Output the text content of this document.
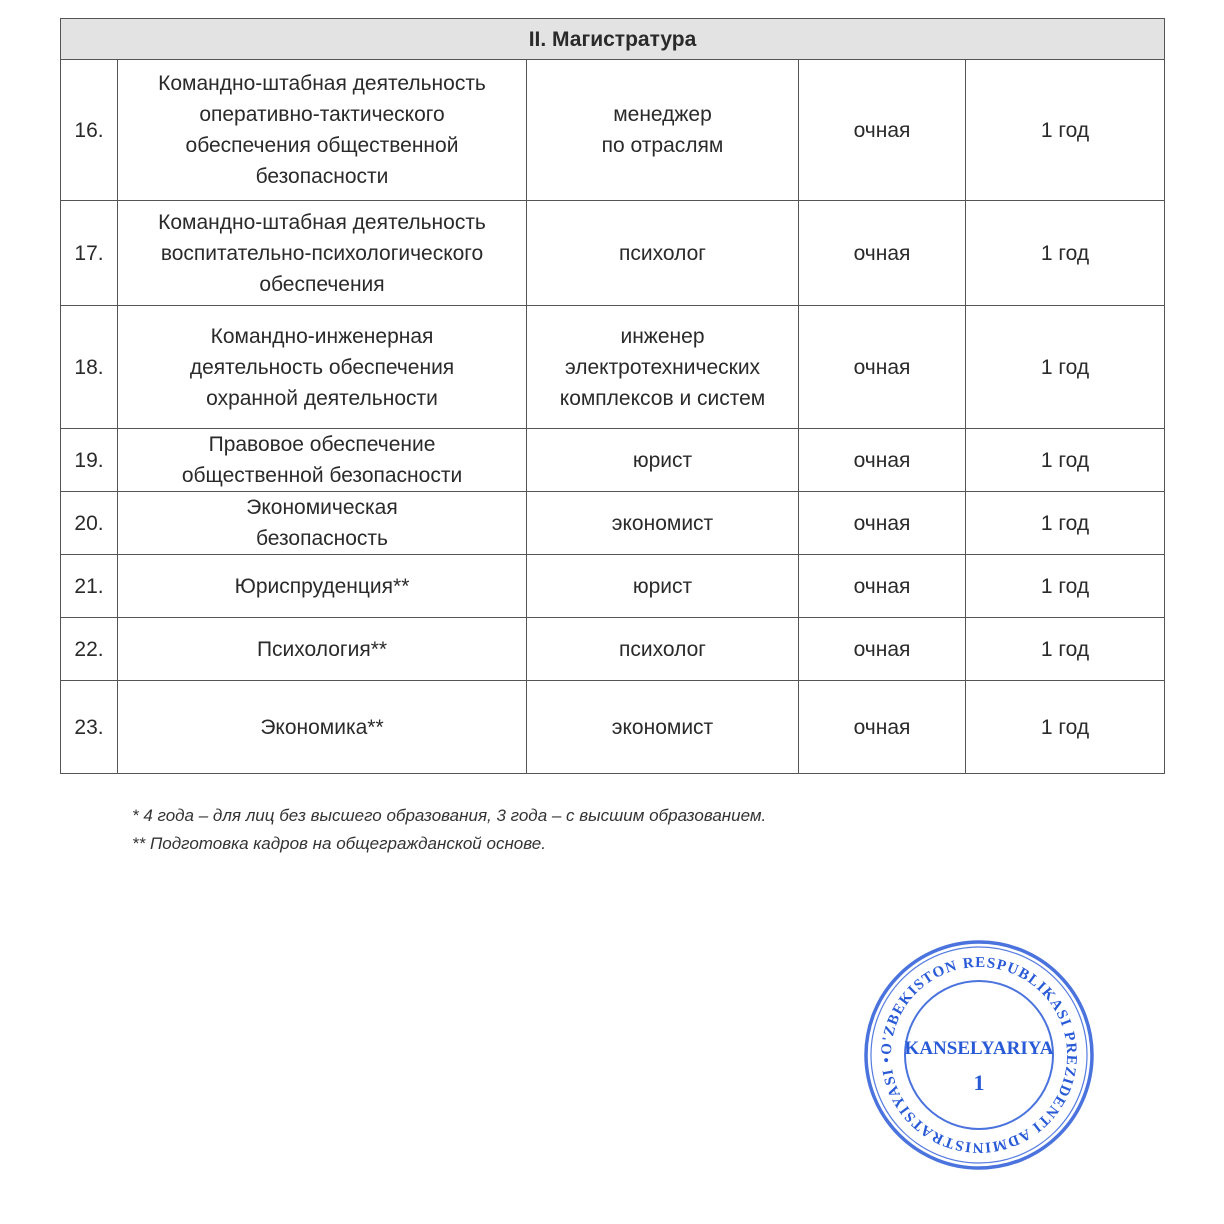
II. Магистратура				
16.	Командно-штабная деятельность
оперативно-тактического
обеспечения общественной
безопасности	менеджер
по отраслям	очная	1 год
17.	Командно-штабная деятельность
воспитательно-психологического
обеспечения	психолог	очная	1 год
18.	Командно-инженерная
деятельность обеспечения
охранной деятельности	инженер
электротехнических
комплексов и систем	очная	1 год
19.	Правовое обеспечение
общественной безопасности	юрист	очная	1 год
20.	Экономическая
безопасность	экономист	очная	1 год
21.	Юриспруденция**	юрист	очная	1 год
22.	Психология**	психолог	очная	1 год
23.	Экономика**	экономист	очная	1 год
* 4 года – для лиц без высшего образования, 3 года – с высшим образованием.
** Подготовка кадров на общегражданской основе.
O'ZBEKISTON RESPUBLIKASI PREZIDENTI ADMINISTRATSIYASI •
KANSELYARIYA
1
